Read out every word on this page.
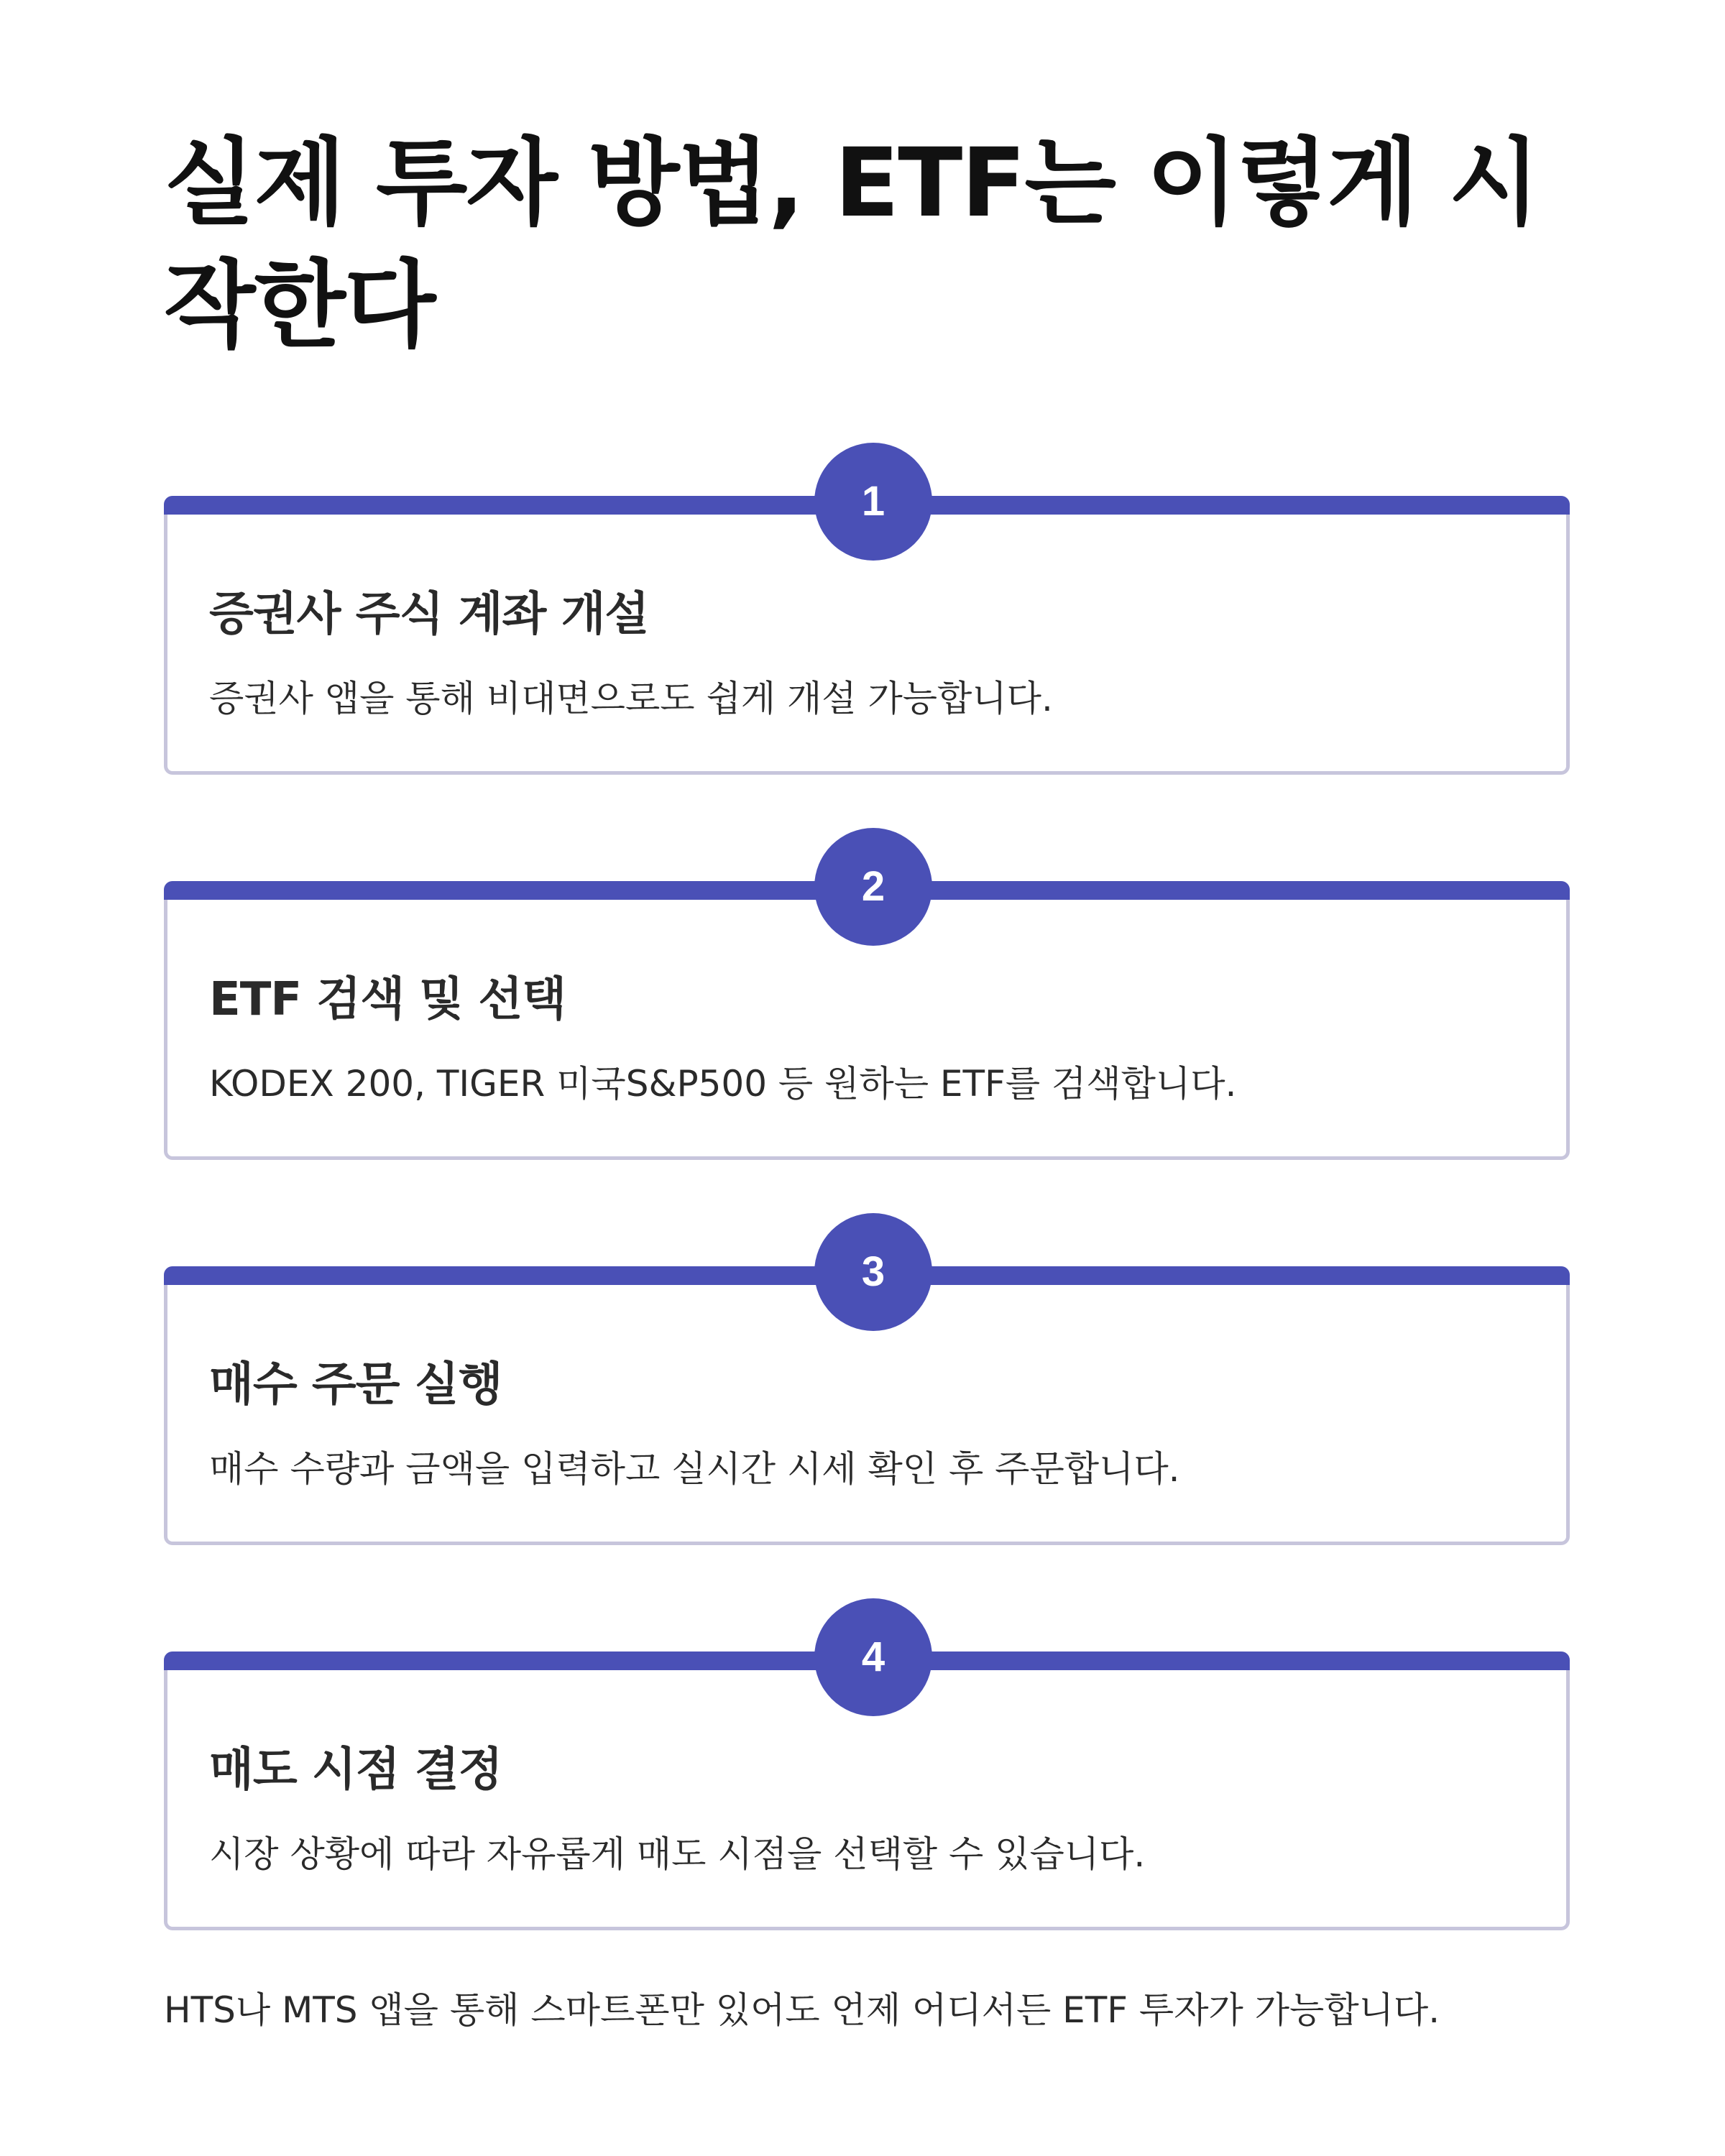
실제 투자 방법, ETF는 이렇게 시작한다
1
증권사 주식 계좌 개설

증권사 앱을 통해 비대면으로도 쉽게 개설 가능합니다.

2
ETF 검색 및 선택

KODEX 200, TIGER 미국S&P500 등 원하는 ETF를 검색합니다.

3
매수 주문 실행

매수 수량과 금액을 입력하고 실시간 시세 확인 후 주문합니다.

4
매도 시점 결정

시장 상황에 따라 자유롭게 매도 시점을 선택할 수 있습니다.

HTS나 MTS 앱을 통해 스마트폰만 있어도 언제 어디서든 ETF 투자가 가능합니다.
